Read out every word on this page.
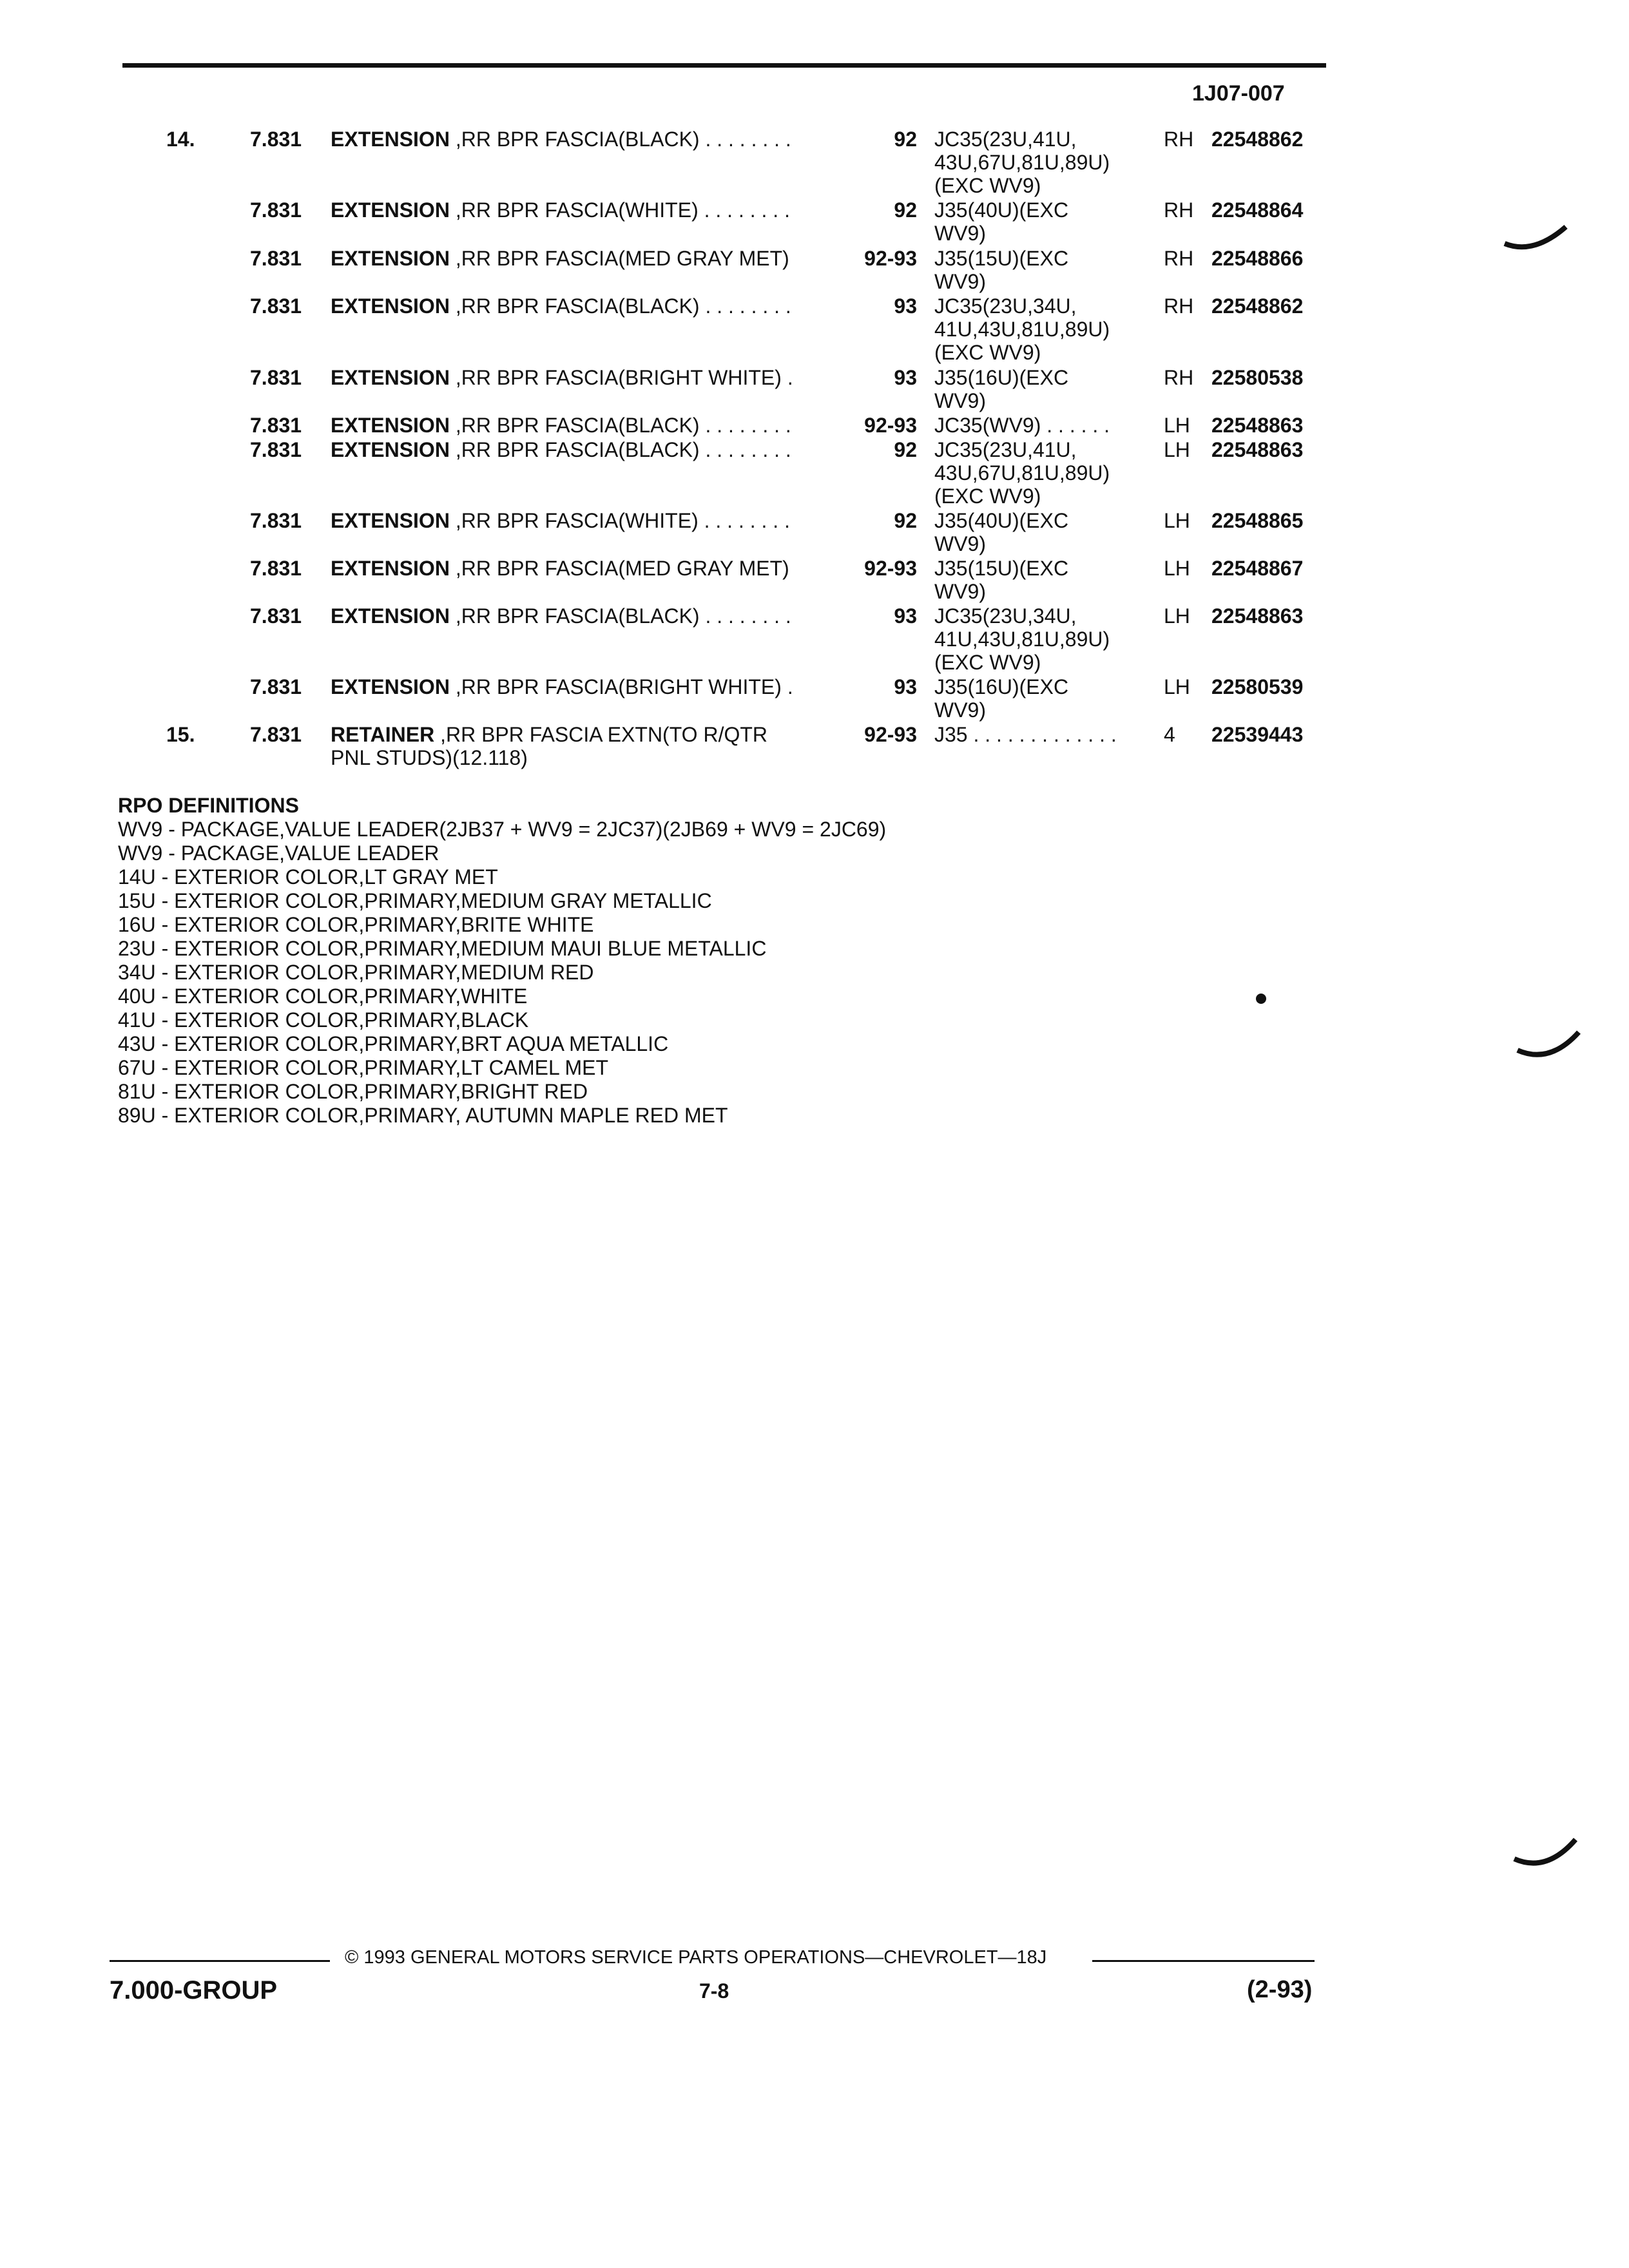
1J07-007
14.	7.831 EXTENSION ,RR BPR FASCIA(BLACK) . . . . . . . .	92 JC35(23U,41U,
43U,67U,81U,89U)
(EXC WV9)
RH 22548862
7.831 EXTENSION ,RR BPR FASCIA(WHITE) . . . . . . . .	92 J35(40U)(EXC
WV9)
RH 22548864
7.831 EXTENSION ,RR BPR FASCIA(MED GRAY MET)	92-93 J35(15U)(EXC
WV9)
RH 22548866
7.831 EXTENSION ,RR BPR FASCIA(BLACK) . . . . . . . .	93 JC35(23U,34U,
41U,43U,81U,89U)
(EXC WV9)
RH 22548862
7.831 EXTENSION ,RR BPR FASCIA(BRIGHT WHITE) .	93 J35(16U)(EXC
WV9)
RH 22580538
7.831 EXTENSION ,RR BPR FASCIA(BLACK) . . . . . . . .	92-93 JC35(WV9) . . . . . .	LH 22548863
7.831 EXTENSION ,RR BPR FASCIA(BLACK) . . . . . . . .	92 JC35(23U,41U,
43U,67U,81U,89U)
(EXC WV9)
LH 22548863
7.831 EXTENSION ,RR BPR FASCIA(WHITE) . . . . . . . .	92 J35(40U)(EXC
WV9)
LH 22548865
7.831 EXTENSION ,RR BPR FASCIA(MED GRAY MET)	92-93 J35(15U)(EXC
WV9)
LH 22548867
7.831 EXTENSION ,RR BPR FASCIA(BLACK) . . . . . . . .	93 JC35(23U,34U,
41U,43U,81U,89U)
(EXC WV9)
LH 22548863
7.831 EXTENSION ,RR BPR FASCIA(BRIGHT WHITE) .	93 J35(16U)(EXC
WV9)
LH 22580539
15.	7.831 RETAINER ,RR BPR FASCIA EXTN(TO R/QTR
PNL STUDS)(12.118)
92-93 J35 . . . . . . . . . . . . . 4 22539443
RPO DEFINITIONS
WV9 - PACKAGE,VALUE LEADER(2JB37 + WV9 = 2JC37)(2JB69 + WV9 = 2JC69)
WV9 - PACKAGE,VALUE LEADER
14U - EXTERIOR COLOR,LT GRAY MET
15U - EXTERIOR COLOR,PRIMARY,MEDIUM GRAY METALLIC
16U - EXTERIOR COLOR,PRIMARY,BRITE WHITE
23U - EXTERIOR COLOR,PRIMARY,MEDIUM MAUI BLUE METALLIC
34U - EXTERIOR COLOR,PRIMARY,MEDIUM RED
40U - EXTERIOR COLOR,PRIMARY,WHITE
41U - EXTERIOR COLOR,PRIMARY,BLACK
43U - EXTERIOR COLOR,PRIMARY,BRT AQUA METALLIC
67U - EXTERIOR COLOR,PRIMARY,LT CAMEL MET
81U - EXTERIOR COLOR,PRIMARY,BRIGHT RED
89U - EXTERIOR COLOR,PRIMARY, AUTUMN MAPLE RED MET
© 1993 GENERAL MOTORS SERVICE PARTS OPERATIONS—CHEVROLET—18J
7.000-GROUP	7-8	(2-93)
